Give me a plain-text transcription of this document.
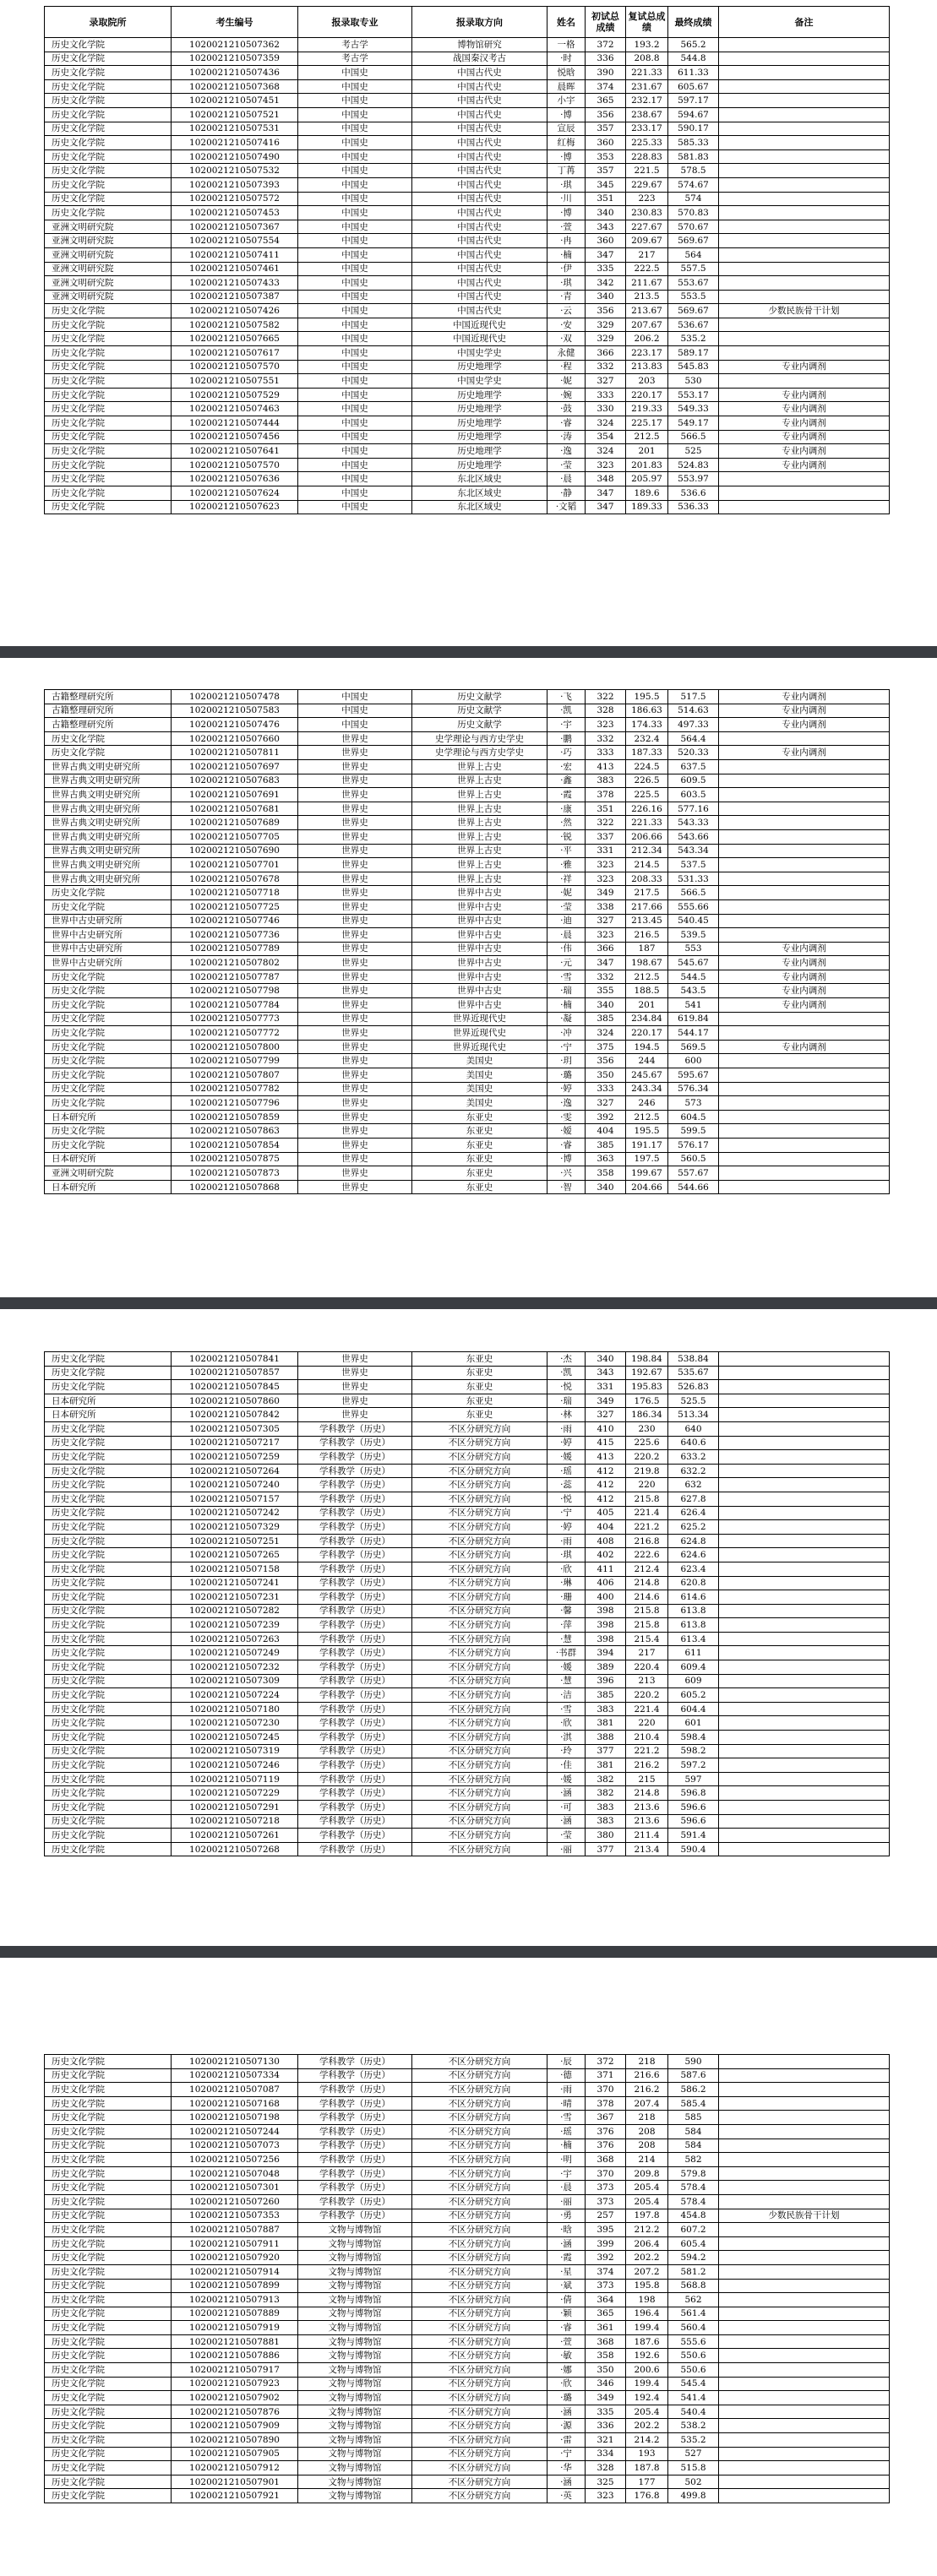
录取院所	考生编号	报录取专业	报录取方向	姓名	初试总成绩	复试总成绩	最终成绩	备注
历史文化学院	102002121050736​2	考古学	博物馆研究	一格	372	193.2	565.2	
历史文化学院	102002121050735​9	考古学	战国秦汉考古	·时	336	208.8	544.8	
历史文化学院	102002121050743​6	中国史	中国古代史	悦晗	390	221.33	611.33	
历史文化学院	102002121050736​8	中国史	中国古代史	晨晖	374	231.67	605.67	
历史文化学院	102002121050745​1	中国史	中国古代史	小宇	365	232.17	597.17	
历史文化学院	102002121050752​1	中国史	中国古代史	·博	356	238.67	594.67	
历史文化学院	102002121050753​1	中国史	中国古代史	宣辰	357	233.17	590.17	
历史文化学院	102002121050741​6	中国史	中国古代史	红梅	360	225.33	585.33	
历史文化学院	102002121050749​0	中国史	中国古代史	·博	353	228.83	581.83	
历史文化学院	102002121050753​2	中国史	中国古代史	丁苒	357	221.5	578.5	
历史文化学院	102002121050739​3	中国史	中国古代史	·琪	345	229.67	574.67	
历史文化学院	102002121050757​2	中国史	中国古代史	·川	351	223	574	
历史文化学院	102002121050745​3	中国史	中国古代史	·博	340	230.83	570.83	
亚洲文明研究院	102002121050736​7	中国史	中国古代史	·萱	343	227.67	570.67	
亚洲文明研究院	102002121050755​4	中国史	中国古代史	·冉	360	209.67	569.67	
亚洲文明研究院	102002121050741​1	中国史	中国古代史	·楠	347	217	564	
亚洲文明研究院	102002121050746​1	中国史	中国古代史	·伊	335	222.5	557.5	
亚洲文明研究院	102002121050743​3	中国史	中国古代史	·琪	342	211.67	553.67	
亚洲文明研究院	102002121050738​7	中国史	中国古代史	·青	340	213.5	553.5	
历史文化学院	102002121050742​6	中国史	中国古代史	·云	356	213.67	569.67	少数民族骨干计划
历史文化学院	102002121050758​2	中国史	中国近现代史	·安	329	207.67	536.67	
历史文化学院	102002121050766​5	中国史	中国近现代史	·双	329	206.2	535.2	
历史文化学院	102002121050761​7	中国史	中国史学史	永健	366	223.17	589.17	
历史文化学院	102002121050757​0	中国史	历史地理学	·程	332	213.83	545.83	专业内调剂
历史文化学院	102002121050755​1	中国史	中国史学史	·妮	327	203	530	
历史文化学院	102002121050752​9	中国史	历史地理学	·婉	333	220.17	553.17	专业内调剂
历史文化学院	102002121050746​3	中国史	历史地理学	·鼓	330	219.33	549.33	专业内调剂
历史文化学院	102002121050744​4	中国史	历史地理学	·睿	324	225.17	549.17	专业内调剂
历史文化学院	102002121050745​6	中国史	历史地理学	·涛	354	212.5	566.5	专业内调剂
历史文化学院	102002121050764​1	中国史	历史地理学	·逸	324	201	525	专业内调剂
历史文化学院	102002121050757​0	中国史	历史地理学	·莹	323	201.83	524.83	专业内调剂
历史文化学院	102002121050763​6	中国史	东北区域史	·晨	348	205.97	553.97	
历史文化学院	102002121050762​4	中国史	东北区域史	·静	347	189.6	536.6	
历史文化学院	102002121050762​3	中国史	东北区域史	·文韬	347	189.33	536.33	
古籍整理研究所	102002121050747​8	中国史	历史文献学	·飞	322	195.5	517.5	专业内调剂
古籍整理研究所	102002121050758​3	中国史	历史文献学	·凯	328	186.63	514.63	专业内调剂
古籍整理研究所	102002121050747​6	中国史	历史文献学	·宇	323	174.33	497.33	专业内调剂
历史文化学院	102002121050766​0	世界史	史学理论与西方史学史	·鹏	332	232.4	564.4	
历史文化学院	102002121050781​1	世界史	史学理论与西方史学史	·巧	333	187.33	520.33	专业内调剂
世界古典文明史研究所	102002121050769​7	世界史	世界上古史	·宏	413	224.5	637.5	
世界古典文明史研究所	102002121050768​3	世界史	世界上古史	·鑫	383	226.5	609.5	
世界古典文明史研究所	102002121050769​1	世界史	世界上古史	·霞	378	225.5	603.5	
世界古典文明史研究所	102002121050768​1	世界史	世界上古史	·康	351	226.16	577.16	
世界古典文明史研究所	102002121050768​9	世界史	世界上古史	·然	322	221.33	543.33	
世界古典文明史研究所	102002121050770​5	世界史	世界上古史	·锐	337	206.66	543.66	
世界古典文明史研究所	102002121050769​0	世界史	世界上古史	·平	331	212.34	543.34	
世界古典文明史研究所	102002121050770​1	世界史	世界上古史	·雅	323	214.5	537.5	
世界古典文明史研究所	102002121050767​8	世界史	世界上古史	·祥	323	208.33	531.33	
历史文化学院	102002121050771​8	世界史	世界中古史	·妮	349	217.5	566.5	
历史文化学院	102002121050772​5	世界史	世界中古史	·莹	338	217.66	555.66	
世界中古史研究所	102002121050774​6	世界史	世界中古史	·迪	327	213.45	540.45	
世界中古史研究所	102002121050773​6	世界史	世界中古史	·晨	323	216.5	539.5	
世界中古史研究所	102002121050778​9	世界史	世界中古史	·伟	366	187	553	专业内调剂
世界中古史研究所	102002121050780​2	世界史	世界中古史	·元	347	198.67	545.67	专业内调剂
历史文化学院	102002121050778​7	世界史	世界中古史	·雪	332	212.5	544.5	专业内调剂
历史文化学院	102002121050779​8	世界史	世界中古史	·瑞	355	188.5	543.5	专业内调剂
历史文化学院	102002121050778​4	世界史	世界中古史	·楠	340	201	541	专业内调剂
历史文化学院	102002121050777​3	世界史	世界近现代史	·凝	385	234.84	619.84	
历史文化学院	102002121050777​2	世界史	世界近现代史	·冲	324	220.17	544.17	
历史文化学院	102002121050780​0	世界史	世界近现代史	·宁	375	194.5	569.5	专业内调剂
历史文化学院	102002121050779​9	世界史	美国史	·玥	356	244	600	
历史文化学院	102002121050780​7	世界史	美国史	·璐	350	245.67	595.67	
历史文化学院	102002121050778​2	世界史	美国史	·婷	333	243.34	576.34	
历史文化学院	102002121050779​6	世界史	美国史	·逸	327	246	573	
日本研究所	102002121050785​9	世界史	东亚史	·雯	392	212.5	604.5	
历史文化学院	102002121050786​3	世界史	东亚史	·嫒	404	195.5	599.5	
历史文化学院	102002121050785​4	世界史	东亚史	·睿	385	191.17	576.17	
日本研究所	102002121050787​5	世界史	东亚史	·博	363	197.5	560.5	
亚洲文明研究院	102002121050787​3	世界史	东亚史	·兴	358	199.67	557.67	
日本研究所	102002121050786​8	世界史	东亚史	·智	340	204.66	544.66	
历史文化学院	102002121050784​1	世界史	东亚史	·杰	340	198.84	538.84	
历史文化学院	102002121050785​7	世界史	东亚史	·凯	343	192.67	535.67	
历史文化学院	102002121050784​5	世界史	东亚史	·悦	331	195.83	526.83	
日本研究所	102002121050786​0	世界史	东亚史	·瑞	349	176.5	525.5	
日本研究所	102002121050784​2	世界史	东亚史	·林	327	186.34	513.34	
历史文化学院	102002121050730​5	学科教学（历史）	不区分研究方向	·雨	410	230	640	
历史文化学院	102002121050721​7	学科教学（历史）	不区分研究方向	·婷	415	225.6	640.6	
历史文化学院	102002121050725​9	学科教学（历史）	不区分研究方向	·媛	413	220.2	633.2	
历史文化学院	102002121050726​4	学科教学（历史）	不区分研究方向	·瑶	412	219.8	632.2	
历史文化学院	102002121050724​0	学科教学（历史）	不区分研究方向	·蕊	412	220	632	
历史文化学院	102002121050715​7	学科教学（历史）	不区分研究方向	·悦	412	215.8	627.8	
历史文化学院	102002121050724​2	学科教学（历史）	不区分研究方向	·宁	405	221.4	626.4	
历史文化学院	102002121050732​9	学科教学（历史）	不区分研究方向	·婷	404	221.2	625.2	
历史文化学院	102002121050725​1	学科教学（历史）	不区分研究方向	·雨	408	216.8	624.8	
历史文化学院	102002121050726​5	学科教学（历史）	不区分研究方向	·琪	402	222.6	624.6	
历史文化学院	102002121050715​8	学科教学（历史）	不区分研究方向	·欣	411	212.4	623.4	
历史文化学院	102002121050724​1	学科教学（历史）	不区分研究方向	·琳	406	214.8	620.8	
历史文化学院	102002121050723​1	学科教学（历史）	不区分研究方向	·珊	400	214.6	614.6	
历史文化学院	102002121050728​2	学科教学（历史）	不区分研究方向	·馨	398	215.8	613.8	
历史文化学院	102002121050723​9	学科教学（历史）	不区分研究方向	·萍	398	215.8	613.8	
历史文化学院	102002121050726​3	学科教学（历史）	不区分研究方向	·慧	398	215.4	613.4	
历史文化学院	102002121050724​9	学科教学（历史）	不区分研究方向	·书群	394	217	611	
历史文化学院	102002121050723​2	学科教学（历史）	不区分研究方向	·媛	389	220.4	609.4	
历史文化学院	102002121050730​9	学科教学（历史）	不区分研究方向	·慧	396	213	609	
历史文化学院	102002121050722​4	学科教学（历史）	不区分研究方向	·洁	385	220.2	605.2	
历史文化学院	102002121050718​0	学科教学（历史）	不区分研究方向	·雪	383	221.4	604.4	
历史文化学院	102002121050723​0	学科教学（历史）	不区分研究方向	·欣	381	220	601	
历史文化学院	102002121050724​5	学科教学（历史）	不区分研究方向	·淇	388	210.4	598.4	
历史文化学院	102002121050731​9	学科教学（历史）	不区分研究方向	·玲	377	221.2	598.2	
历史文化学院	102002121050724​6	学科教学（历史）	不区分研究方向	·佳	381	216.2	597.2	
历史文化学院	102002121050711​9	学科教学（历史）	不区分研究方向	·媛	382	215	597	
历史文化学院	102002121050722​9	学科教学（历史）	不区分研究方向	·涵	382	214.8	596.8	
历史文化学院	102002121050729​1	学科教学（历史）	不区分研究方向	·可	383	213.6	596.6	
历史文化学院	102002121050721​8	学科教学（历史）	不区分研究方向	·涵	383	213.6	596.6	
历史文化学院	102002121050726​1	学科教学（历史）	不区分研究方向	·莹	380	211.4	591.4	
历史文化学院	102002121050726​8	学科教学（历史）	不区分研究方向	·丽	377	213.4	590.4	
历史文化学院	102002121050713​0	学科教学（历史）	不区分研究方向	·辰	372	218	590	
历史文化学院	102002121050733​4	学科教学（历史）	不区分研究方向	·德	371	216.6	587.6	
历史文化学院	102002121050708​7	学科教学（历史）	不区分研究方向	·雨	370	216.2	586.2	
历史文化学院	102002121050716​8	学科教学（历史）	不区分研究方向	·晴	378	207.4	585.4	
历史文化学院	102002121050719​8	学科教学（历史）	不区分研究方向	·雪	367	218	585	
历史文化学院	102002121050724​4	学科教学（历史）	不区分研究方向	·瑶	376	208	584	
历史文化学院	102002121050707​3	学科教学（历史）	不区分研究方向	·楠	376	208	584	
历史文化学院	102002121050725​6	学科教学（历史）	不区分研究方向	·明	368	214	582	
历史文化学院	102002121050704​8	学科教学（历史）	不区分研究方向	·宇	370	209.8	579.8	
历史文化学院	102002121050730​1	学科教学（历史）	不区分研究方向	·晨	373	205.4	578.4	
历史文化学院	102002121050726​0	学科教学（历史）	不区分研究方向	·丽	373	205.4	578.4	
历史文化学院	102002121050735​3	学科教学（历史）	不区分研究方向	·勇	257	197.8	454.8	少数民族骨干计划
历史文化学院	102002121050788​7	文物与博物馆	不区分研究方向	·晗	395	212.2	607.2	
历史文化学院	102002121050791​1	文物与博物馆	不区分研究方向	·涵	399	206.4	605.4	
历史文化学院	102002121050792​0	文物与博物馆	不区分研究方向	·霞	392	202.2	594.2	
历史文化学院	102002121050791​4	文物与博物馆	不区分研究方向	·星	374	207.2	581.2	
历史文化学院	102002121050789​9	文物与博物馆	不区分研究方向	·斌	373	195.8	568.8	
历史文化学院	102002121050791​3	文物与博物馆	不区分研究方向	·倩	364	198	562	
历史文化学院	102002121050788​9	文物与博物馆	不区分研究方向	·颖	365	196.4	561.4	
历史文化学院	102002121050791​9	文物与博物馆	不区分研究方向	·睿	361	199.4	560.4	
历史文化学院	102002121050788​1	文物与博物馆	不区分研究方向	·萱	368	187.6	555.6	
历史文化学院	102002121050788​6	文物与博物馆	不区分研究方向	·敏	358	192.6	550.6	
历史文化学院	102002121050791​7	文物与博物馆	不区分研究方向	·娜	350	200.6	550.6	
历史文化学院	102002121050792​3	文物与博物馆	不区分研究方向	·欣	346	199.4	545.4	
历史文化学院	102002121050790​2	文物与博物馆	不区分研究方向	·璐	349	192.4	541.4	
历史文化学院	102002121050787​6	文物与博物馆	不区分研究方向	·涵	335	205.4	540.4	
历史文化学院	102002121050790​9	文物与博物馆	不区分研究方向	·源	336	202.2	538.2	
历史文化学院	102002121050789​0	文物与博物馆	不区分研究方向	·雷	321	214.2	535.2	
历史文化学院	102002121050790​5	文物与博物馆	不区分研究方向	·宁	334	193	527	
历史文化学院	102002121050791​2	文物与博物馆	不区分研究方向	·华	328	187.8	515.8	
历史文化学院	102002121050790​1	文物与博物馆	不区分研究方向	·涵	325	177	502	
历史文化学院	102002121050792​1	文物与博物馆	不区分研究方向	·英	323	176.8	499.8	
